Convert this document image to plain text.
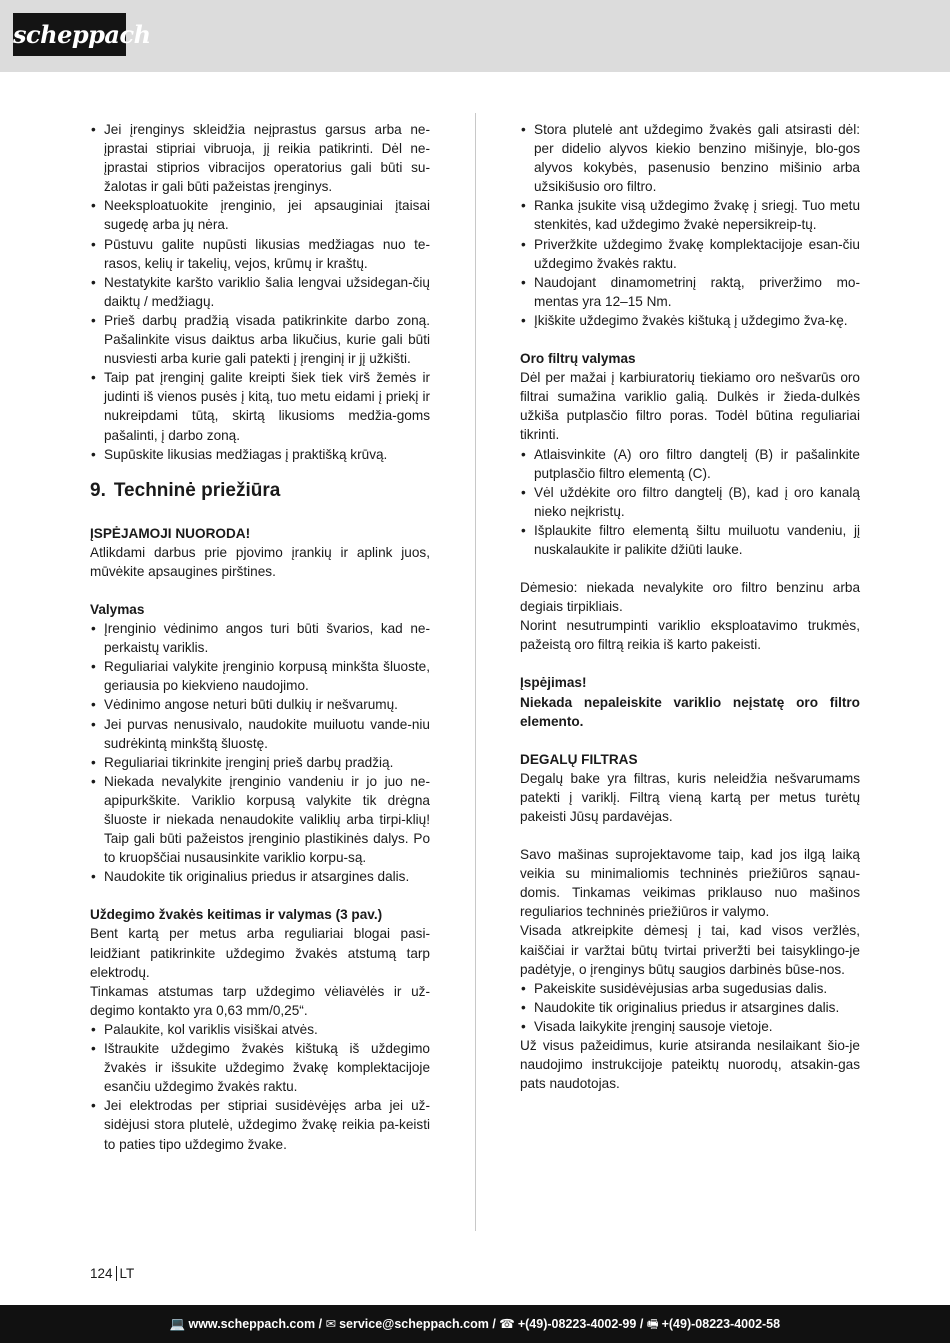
scheppach
• Jei įrenginys skleidžia neįprastus garsus arba ne-įprastai stipriai vibruoja, jį reikia patikrinti. Dėl ne-įprastai stiprios vibracijos operatorius gali būti su-žalotas ir gali būti pažeistas įrenginys.
• Neeksploatuokite įrenginio, jei apsauginiai įtaisai sugedę arba jų nėra.
• Pūstuvu galite nupūsti likusias medžiagas nuo te-rasos, kelių ir takelių, vejos, krūmų ir kraštų.
• Nestatykite karšto variklio šalia lengvai užsidegan-čių daiktų / medžiagų.
• Prieš darbų pradžią visada patikrinkite darbo zoną. Pašalinkite visus daiktus arba likučius, kurie gali būti nusviesti arba kurie gali patekti į įrenginį ir jį užkišti.
• Taip pat įrenginį galite kreipti šiek tiek virš žemės ir judinti iš vienos pusės į kitą, tuo metu eidami į priekį ir nukreipdami tūtą, skirtą likusioms medžia-goms pašalinti, į darbo zoną.
• Supūskite likusias medžiagas į praktišką krūvą.
9. Techninė priežiūra

ĮSPĖJAMOJI NUORODA!

Atlikdami darbus prie pjovimo įrankių ir aplink juos, mūvėkite apsaugines pirštines.

Valymas

• Įrenginio vėdinimo angos turi būti švarios, kad ne-perkaistų variklis.
• Reguliariai valykite įrenginio korpusą minkšta šluoste, geriausia po kiekvieno naudojimo.
• Vėdinimo angose neturi būti dulkių ir nešvarumų.
• Jei purvas nenusivalo, naudokite muiluotu vande-niu sudrėkintą minkštą šluostę.
• Reguliariai tikrinkite įrenginį prieš darbų pradžią.
• Niekada nevalykite įrenginio vandeniu ir jo juo ne-apipurkškite. Variklio korpusą valykite tik drėgna šluoste ir niekada nenaudokite valiklių arba tirpi-klių! Taip gali būti pažeistos įrenginio plastikinės dalys. Po to kruopščiai nusausinkite variklio korpu-są.
• Naudokite tik originalius priedus ir atsargines dalis.

Uždegimo žvakės keitimas ir valymas (3 pav.)

Bent kartą per metus arba reguliariai blogai pasi-leidžiant patikrinkite uždegimo žvakės atstumą tarp elektrodų.

Tinkamas atstumas tarp uždegimo vėliavėlės ir už-degimo kontakto yra 0,63 mm/0,25“.

• Palaukite, kol variklis visiškai atvės.
• Ištraukite uždegimo žvakės kištuką iš uždegimo žvakės ir išsukite uždegimo žvakę komplektacijoje esančiu uždegimo žvakės raktu.
• Jei elektrodas per stipriai susidėvėjęs arba jei už-sidėjusi stora plutelė, uždegimo žvakę reikia pa-keisti to paties tipo uždegimo žvake.
• Stora plutelė ant uždegimo žvakės gali atsirasti dėl: per didelio alyvos kiekio benzino mišinyje, blo-gos alyvos kokybės, pasenusio benzino mišinio arba užsikišusio oro filtro.
• Ranka įsukite visą uždegimo žvakę į sriegį. Tuo metu stenkitės, kad uždegimo žvakė nepersikreip-tų.
• Priveržkite uždegimo žvakę komplektacijoje esan-čiu uždegimo žvakės raktu.
• Naudojant dinamometrinį raktą, priveržimo mo-mentas yra 12–15 Nm.
• Įkiškite uždegimo žvakės kištuką į uždegimo žva-kę.

Oro filtrų valymas

Dėl per mažai į karbiuratorių tiekiamo oro nešvarūs oro filtrai sumažina variklio galią. Dulkės ir žieda-dulkės užkiša putplasčio filtro poras. Todėl būtina reguliariai tikrinti.

• Atlaisvinkite (A) oro filtro dangtelį (B) ir pašalinkite putplasčio filtro elementą (C).
• Vėl uždėkite oro filtro dangtelį (B), kad į oro kanalą nieko neįkristų.
• Išplaukite filtro elementą šiltu muiluotu vandeniu, jį nuskalaukite ir palikite džiūti lauke.

Dėmesio: niekada nevalykite oro filtro benzinu arba degiais tirpikliais.

Norint nesutrumpinti variklio eksploatavimo trukmės, pažeistą oro filtrą reikia iš karto pakeisti.

Įspėjimas!

Niekada nepaleiskite variklio neįstatę oro filtro elemento.

DEGALŲ FILTRAS

Degalų bake yra filtras, kuris neleidžia nešvarumams patekti į variklį. Filtrą vieną kartą per metus turėtų pakeisti Jūsų pardavėjas.

Savo mašinas suprojektavome taip, kad jos ilgą laiką veikia su minimaliomis techninės priežiūros sąnau-domis. Tinkamas veikimas priklauso nuo mašinos reguliarios techninės priežiūros ir valymo.

Visada atkreipkite dėmesį į tai, kad visos veržlės, kaiščiai ir varžtai būtų tvirtai priveržti bei taisyklingo-je padėtyje, o įrenginys būtų saugios darbinės būse-nos.

• Pakeiskite susidėvėjusias arba sugedusias dalis.
• Naudokite tik originalius priedus ir atsargines dalis.
• Visada laikykite įrenginį sausoje vietoje.

Už visus pažeidimus, kurie atsiranda nesilaikant šio-je naudojimo instrukcijoje pateiktų nuorodų, atsakin-gas pats naudotojas.

124 LT
💻 www.scheppach.com / ✉ service@scheppach.com / ☎ +(49)-08223-4002-99 / 🖷 +(49)-08223-4002-58
